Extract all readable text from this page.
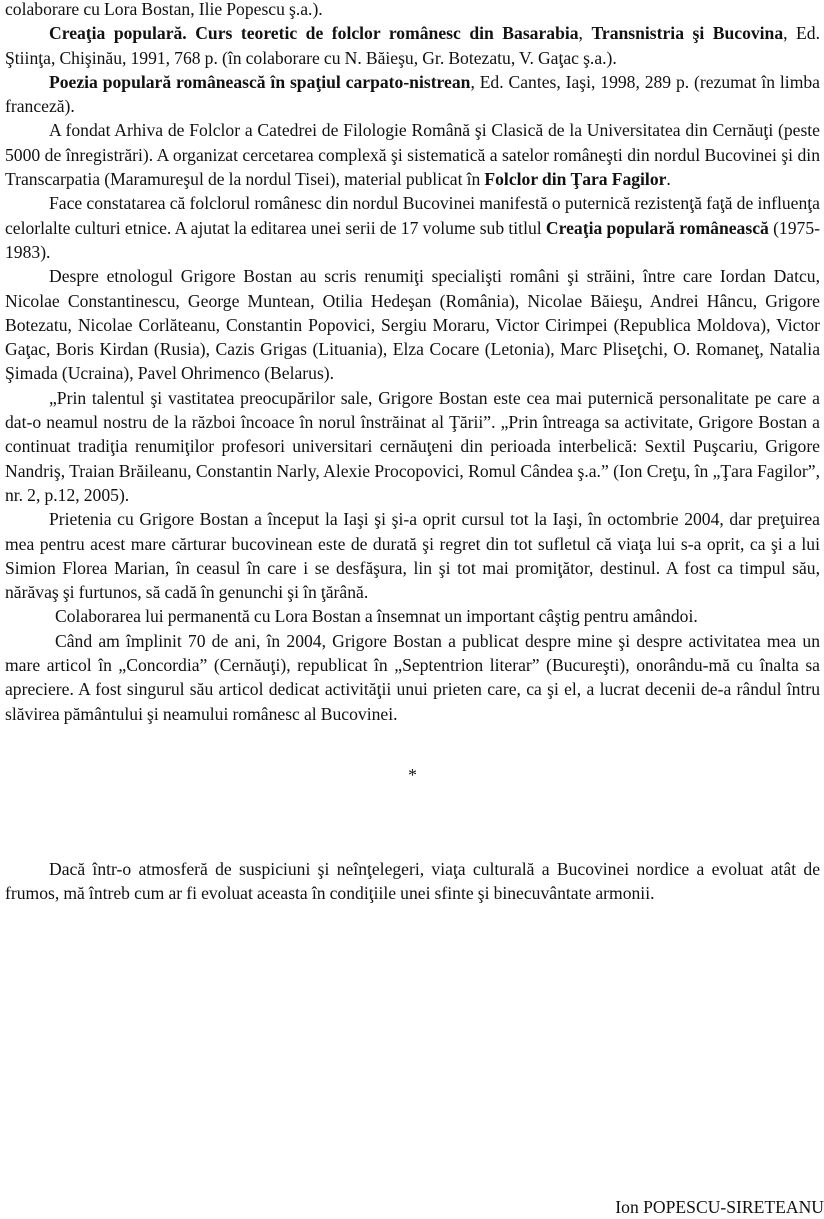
colaborare cu Lora Bostan, Ilie Popescu ş.a.).

Creaţia populară. Curs teoretic de folclor românesc din Basarabia, Transnistria şi Bucovina, Ed. Ştiinţa, Chişinău, 1991, 768 p. (în colaborare cu N. Băieşu, Gr. Botezatu, V. Gaţac ş.a.).

Poezia populară românească în spaţiul carpato-nistrean, Ed. Cantes, Iaşi, 1998, 289 p. (rezumat în limba franceză).

A fondat Arhiva de Folclor a Catedrei de Filologie Română şi Clasică de la Universitatea din Cernăuţi (peste 5000 de înregistrări). A organizat cercetarea complexă şi sistematică a satelor româneşti din nordul Bucovinei şi din Transcarpatia (Maramureşul de la nordul Tisei), material publicat în Folclor din Ţara Fagilor.

Face constatarea că folclorul românesc din nordul Bucovinei manifestă o puternică rezistenţă faţă de influenţa celorlalte culturi etnice. A ajutat la editarea unei serii de 17 volume sub titlul Creaţia populară românească (1975-1983).

Despre etnologul Grigore Bostan au scris renumiţi specialişti români şi străini, între care Iordan Datcu, Nicolae Constantinescu, George Muntean, Otilia Hedeşan (România), Nicolae Băieşu, Andrei Hâncu, Grigore Botezatu, Nicolae Corlăteanu, Constantin Popovici, Sergiu Moraru, Victor Cirimpei (Republica Moldova), Victor Gaţac, Boris Kirdan (Rusia), Cazis Grigas (Lituania), Elza Cocare (Letonia), Marc Pliseţchi, O. Romaneţ, Natalia Şimada (Ucraina), Pavel Ohrimenco (Belarus).

„Prin talentul şi vastitatea preocupărilor sale, Grigore Bostan este cea mai puternică personalitate pe care a dat-o neamul nostru de la război încoace în norul înstrăinat al Ţării”. „Prin întreaga sa activitate, Grigore Bostan a continuat tradiţia renumiţilor profesori universitari cernăuţeni din perioada interbelică: Sextil Puşcariu, Grigore Nandriş, Traian Brăileanu, Constantin Narly, Alexie Procopovici, Romul Cândea ş.a.” (Ion Creţu, în „Ţara Fagilor”, nr. 2, p.12, 2005).

Prietenia cu Grigore Bostan a început la Iaşi şi şi-a oprit cursul tot la Iaşi, în octombrie 2004, dar preţuirea mea pentru acest mare cărturar bucovinean este de durată şi regret din tot sufletul că viaţa lui s-a oprit, ca şi a lui Simion Florea Marian, în ceasul în care i se desfăşura, lin şi tot mai promiţător, destinul. A fost ca timpul său, nărăvaş şi furtunos, să cadă în genunchi şi în ţărână.

Colaborarea lui permanentă cu Lora Bostan a însemnat un important câştig pentru amândoi.

Când am împlinit 70 de ani, în 2004, Grigore Bostan a publicat despre mine şi despre activitatea mea un mare articol în „Concordia” (Cernăuţi), republicat în „Septentrion literar” (Bucureşti), onorându-mă cu înalta sa apreciere. A fost singurul său articol dedicat activităţii unui prieten care, ca şi el, a lucrat decenii de-a rândul întru slăvirea pământului şi neamului românesc al Bucovinei.

*

Dacă într-o atmosferă de suspiciuni şi neînţelegeri, viaţa culturală a Bucovinei nordice a evoluat atât de frumos, mă întreb cum ar fi evoluat aceasta în condiţiile unei sfinte şi binecuvântate armonii.

Ion POPESCU-SIRETEANU
